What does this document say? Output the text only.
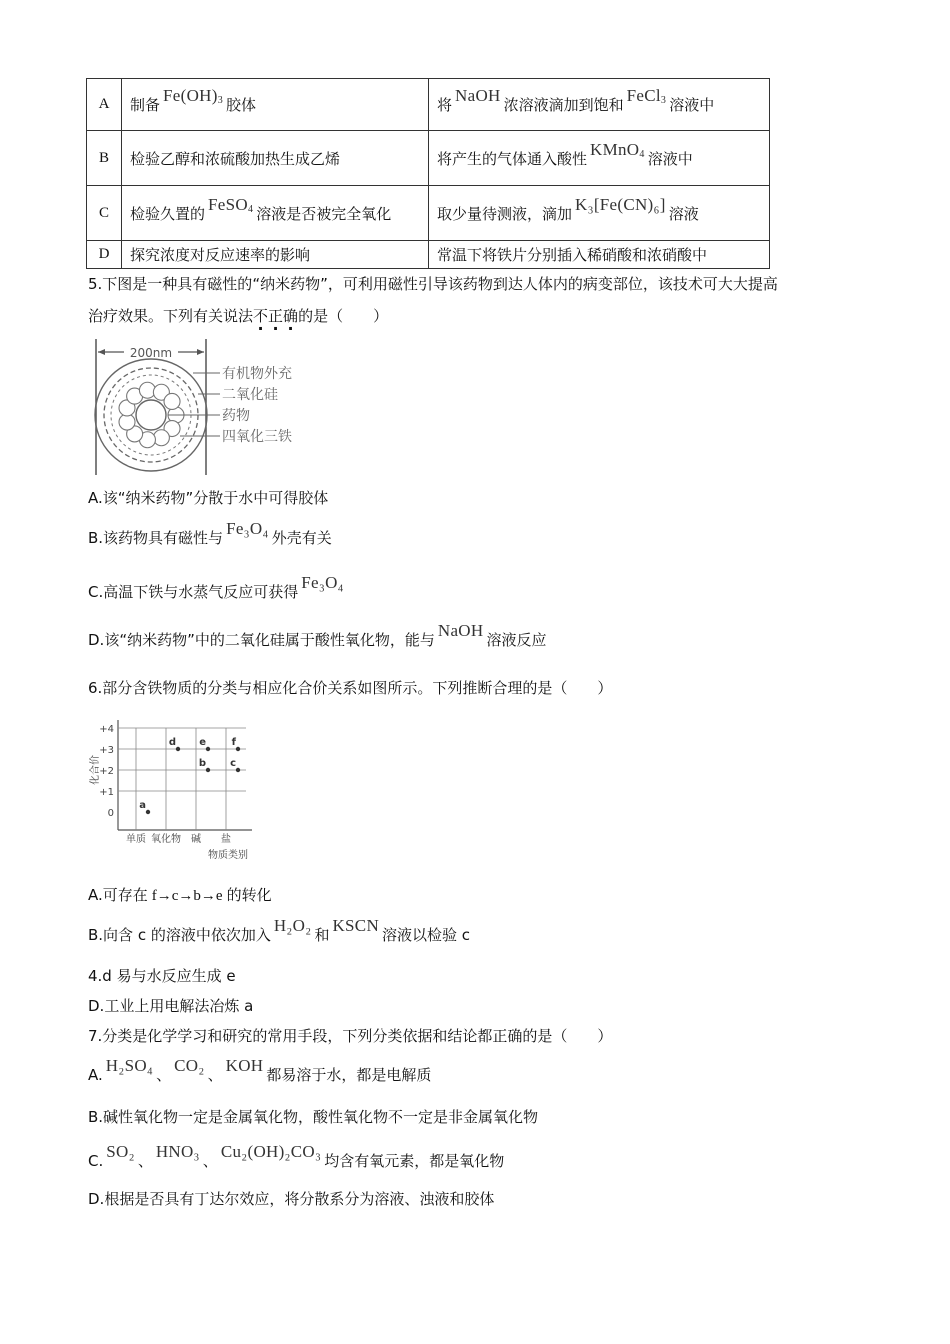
A	制备 $Fe(OH)_3$ 胶体	将 NaOH 浓溶液滴加到饱和 FeCl$_3$ 溶液中
B	检验乙醇和浓硫酸加热生成乙烯	将产生的气体通入酸性 KMnO$_4$ 溶液中
C	检验久置的 FeSO$_4$ 溶液是否被完全氧化	取少量待测液，滴加 K₃[Fe(CN)₆] 溶液
D	探究浓度对反应速率的影响	常温下将铁片分别插入稀硝酸和浓硝酸中
5.下图是一种具有磁性的“纳米药物”，可利用磁性引导该药物到达人体内的病变部位，该技术可大大提高
治疗效果。下列有关说法不正确的是（　　）
200nm
有机物外充
二氧化硅
药物
四氧化三铁
A.该“纳米药物”分散于水中可得胶体
B.该药物具有磁性与 Fe₃O₄ 外壳有关
C.高温下铁与水蒸气反应可获得 Fe₃O₄
D.该“纳米药物”中的二氧化硅属于酸性氧化物，能与 NaOH 溶液反应
6.部分含铁物质的分类与相应化合价关系如图所示。下列推断合理的是（　　）
化合价
+4
+3
+2
+1
0
单质 氧化物 碱 盐
a
b c
d e	f
物质类别
A.可存在 f→c→b→e 的转化
B.向含 c 的溶液中依次加入 H₂O₂ 和 KSCN 溶液以检验 c
4.d 易与水反应生成 e
D.工业上用电解法冶炼 a
7.分类是化学学习和研究的常用手段，下列分类依据和结论都正确的是（　　）
A. H₂SO₄ 、 CO₂ 、 KOH 都易溶于水，都是电解质
B.碱性氧化物一定是金属氧化物，酸性氧化物不一定是非金属氧化物
C. SO₂ 、 HNO₃ 、 Cu₂(OH)₂CO₃ 均含有氧元素，都是氧化物
D.根据是否具有丁达尔效应，将分散系分为溶液、浊液和胶体
